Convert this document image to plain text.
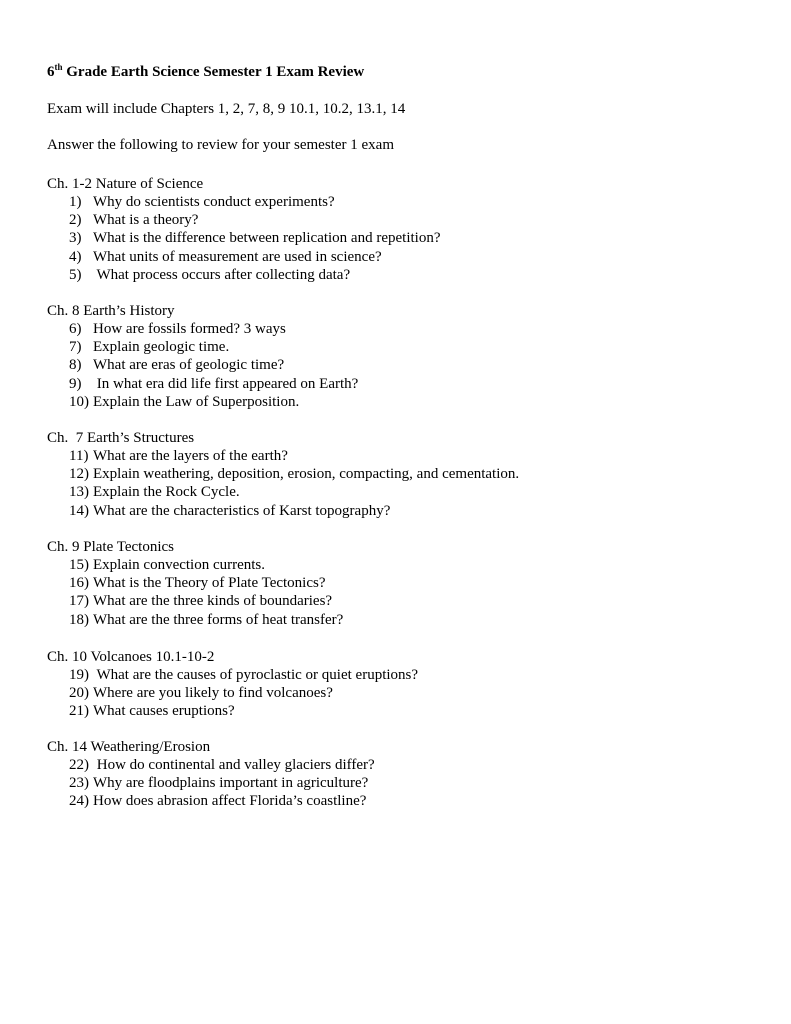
6th Grade Earth Science Semester 1 Exam Review
Exam will include Chapters 1, 2, 7, 8, 9 10.1, 10.2, 13.1, 14
Answer the following to review for your semester 1 exam
Ch. 1-2 Nature of Science
1) Why do scientists conduct experiments?
2) What is a theory?
3) What is the difference between replication and repetition?
4) What units of measurement are used in science?
5) What process occurs after collecting data?
Ch. 8 Earth’s History
6) How are fossils formed? 3 ways
7) Explain geologic time.
8) What are eras of geologic time?
9) In what era did life first appeared on Earth?
10) Explain the Law of Superposition.
Ch.  7 Earth’s Structures
11) What are the layers of the earth?
12) Explain weathering, deposition, erosion, compacting, and cementation.
13) Explain the Rock Cycle.
14) What are the characteristics of Karst topography?
Ch. 9 Plate Tectonics
15) Explain convection currents.
16) What is the Theory of Plate Tectonics?
17) What are the three kinds of boundaries?
18) What are the three forms of heat transfer?
Ch. 10 Volcanoes 10.1-10-2
19) What are the causes of pyroclastic or quiet eruptions?
20) Where are you likely to find volcanoes?
21) What causes eruptions?
Ch. 14 Weathering/Erosion
22) How do continental and valley glaciers differ?
23) Why are floodplains important in agriculture?
24) How does abrasion affect Florida’s coastline?
